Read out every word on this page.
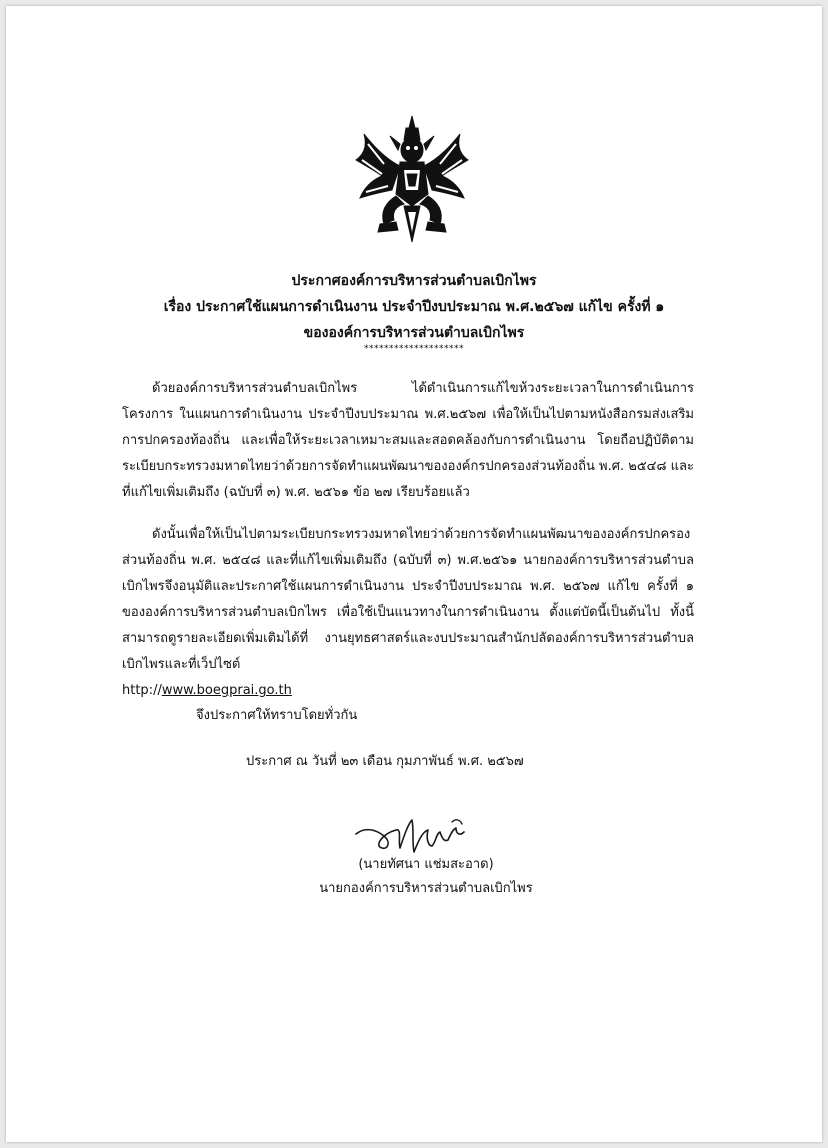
ประกาศองค์การบริหารส่วนตำบลเบิกไพร
เรื่อง ประกาศใช้แผนการดำเนินงาน ประจำปีงบประมาณ พ.ศ.๒๕๖๗ แก้ไข ครั้งที่ ๑
ขององค์การบริหารส่วนตำบลเบิกไพร
********************

ด้วยองค์การบริหารส่วนตำบลเบิกไพร ได้ดำเนินการแก้ไขห้วงระยะเวลาในการดำเนินการโครงการ ในแผนการดำเนินงาน ประจำปีงบประมาณ พ.ศ.๒๕๖๗ เพื่อให้เป็นไปตามหนังสือกรมส่งเสริมการปกครองท้องถิ่น และเพื่อให้ระยะเวลาเหมาะสมและสอดคล้องกับการดำเนินงาน โดยถือปฏิบัติตามระเบียบกระทรวงมหาดไทยว่าด้วยการจัดทำแผนพัฒนาขององค์กรปกครองส่วนท้องถิ่น พ.ศ. ๒๕๔๘ และที่แก้ไขเพิ่มเติมถึง (ฉบับที่ ๓) พ.ศ. ๒๕๖๑ ข้อ ๒๗ เรียบร้อยแล้ว

ดังนั้นเพื่อให้เป็นไปตามระเบียบกระทรวงมหาดไทยว่าด้วยการจัดทำแผนพัฒนาขององค์กรปกครองส่วนท้องถิ่น พ.ศ. ๒๕๔๘ และที่แก้ไขเพิ่มเติมถึง (ฉบับที่ ๓) พ.ศ.๒๕๖๑ นายกองค์การบริหารส่วนตำบลเบิกไพรจึงอนุมัติและประกาศใช้แผนการดำเนินงาน ประจำปีงบประมาณ พ.ศ. ๒๕๖๗ แก้ไข ครั้งที่ ๑ ขององค์การบริหารส่วนตำบลเบิกไพร เพื่อใช้เป็นแนวทางในการดำเนินงาน ตั้งแต่บัดนี้เป็นต้นไป ทั้งนี้ สามารถดูรายละเอียดเพิ่มเติมได้ที่ งานยุทธศาสตร์และงบประมาณสำนักปลัดองค์การบริหารส่วนตำบลเบิกไพรและที่เว็ปไซต์
http://www.boegprai.go.th

จึงประกาศให้ทราบโดยทั่วกัน
ประกาศ ณ วันที่ ๒๓ เดือน กุมภาพันธ์ พ.ศ. ๒๕๖๗
(นายทัศนา แช่มสะอาด)
นายกองค์การบริหารส่วนตำบลเบิกไพร
